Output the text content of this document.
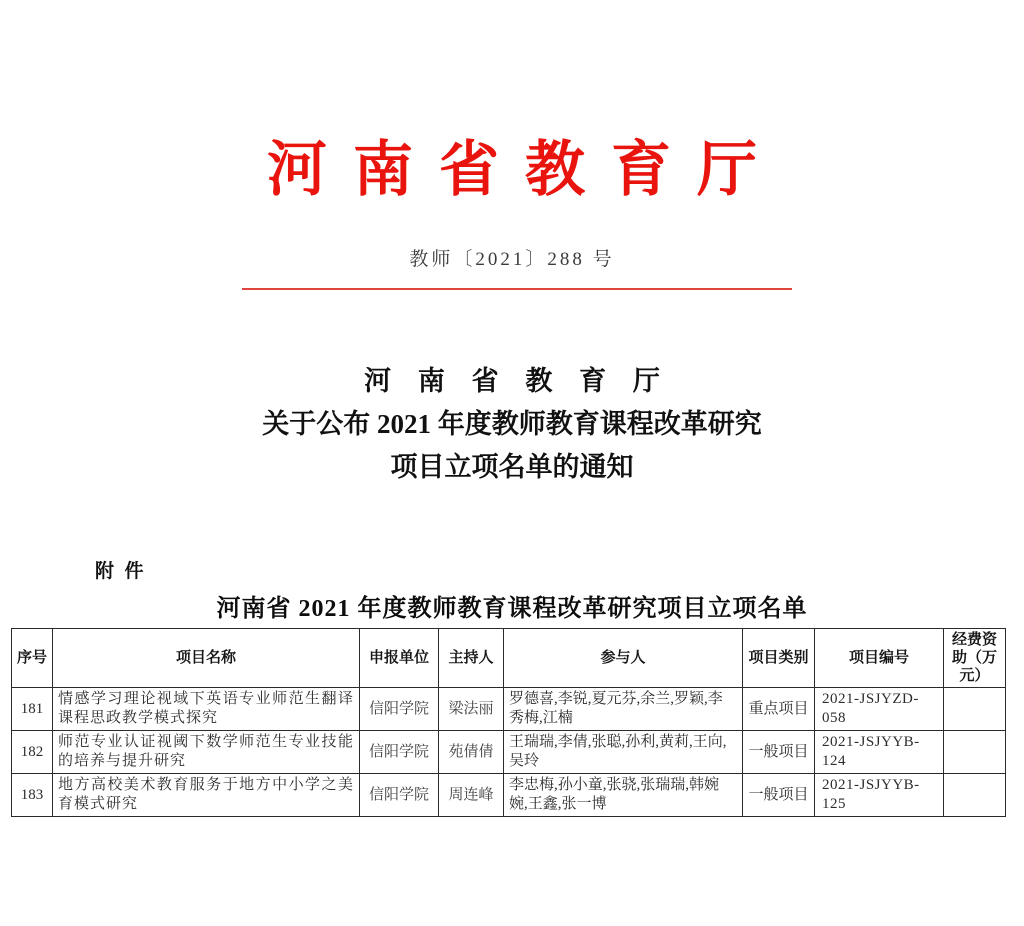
河南省教育厅
教师〔2021〕288 号
河 南 省 教 育 厅
关于公布 2021 年度教师教育课程改革研究
项目立项名单的通知
附  件
河南省 2021 年度教师教育课程改革研究项目立项名单
序号	项目名称	申报单位	主持人	参与人	项目类别	项目编号	经费资助（万元）
181	情感学习理论视域下英语专业师范生翻译课程思政教学模式探究	信阳学院	梁法丽	罗德喜,李锐,夏元芬,余兰,罗颖,李秀梅,江楠	重点项目	2021-JSJYZD-058	
182	师范专业认证视阈下数学师范生专业技能的培养与提升研究	信阳学院	苑倩倩	王瑞瑞,李倩,张聪,孙利,黄莉,王向,吴玲	一般项目	2021-JSJYYB-124	
183	地方高校美术教育服务于地方中小学之美育模式研究	信阳学院	周连峰	李忠梅,孙小童,张骁,张瑞瑞,韩婉婉,王鑫,张一博	一般项目	2021-JSJYYB-125	
